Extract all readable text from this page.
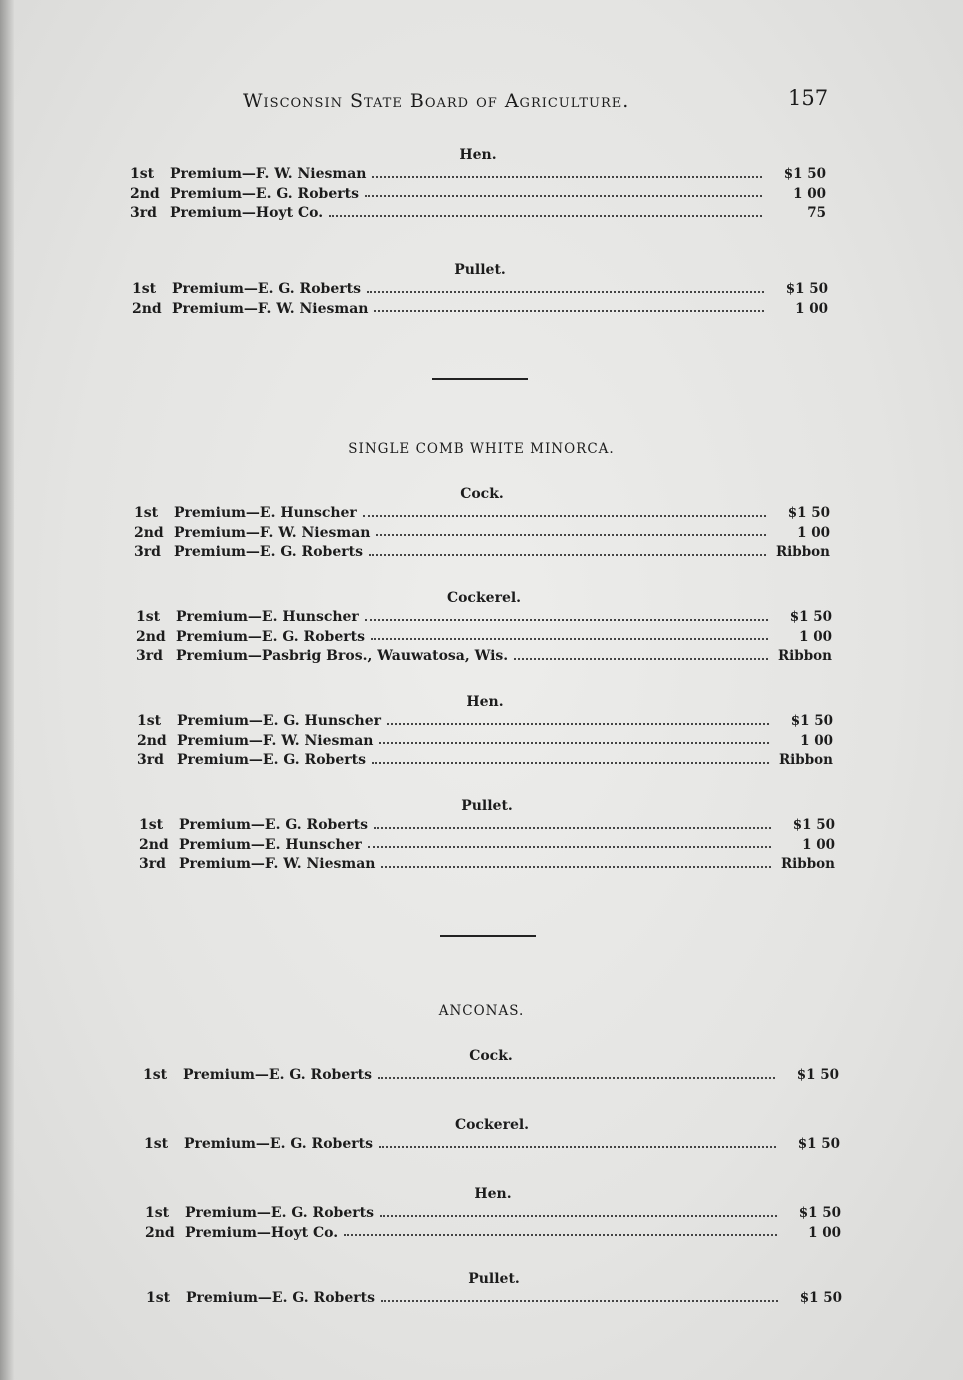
Wisconsin State Board of Agriculture.	157
SINGLE COMB WHITE MINORCA.
ANCONAS.
Hen.
1st	Premium—F. W. Niesman	$1 50
2nd Premium—E. G. Roberts	1 00
3rd Premium—Hoyt Co.	75
Pullet.
1st	Premium—E. G. Roberts	$1 50
2nd Premium—F. W. Niesman	1 00
Cock.
1st	Premium—E. Hunscher	$1 50
2nd Premium—F. W. Niesman	1 00
3rd Premium—E. G. Roberts	Ribbon
Cockerel.
1st	Premium—E. Hunscher	$1 50
2nd Premium—E. G. Roberts	1 00
3rd Premium—Pasbrig Bros., Wauwatosa, Wis.	Ribbon
Hen.
1st	Premium—E. G. Hunscher	$1 50
2nd Premium—F. W. Niesman	1 00
3rd Premium—E. G. Roberts	Ribbon
Pullet.
1st	Premium—E. G. Roberts	$1 50
2nd Premium—E. Hunscher	1 00
3rd Premium—F. W. Niesman	Ribbon
Cock.
1st	Premium—E. G. Roberts	$1 50
Cockerel.
1st	Premium—E. G. Roberts	$1 50
Hen.
1st	Premium—E. G. Roberts	$1 50
2nd Premium—Hoyt Co.	1 00
Pullet.
1st	Premium—E. G. Roberts	$1 50
